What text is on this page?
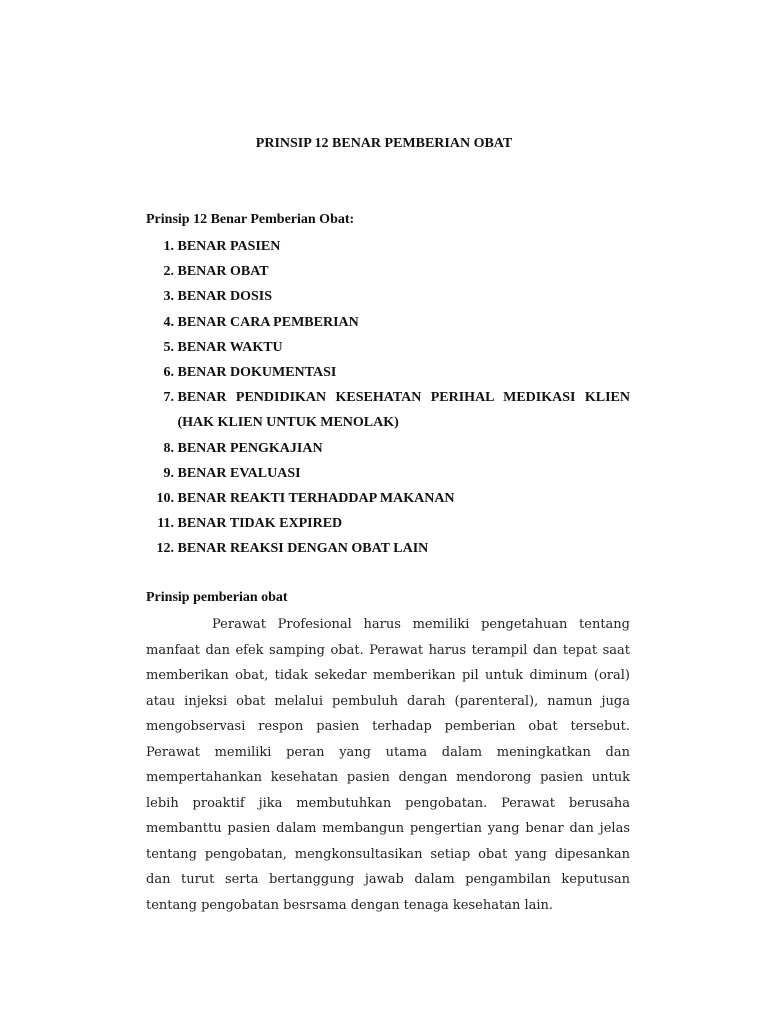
PRINSIP 12 BENAR PEMBERIAN OBAT

Prinsip 12 Benar Pemberian Obat:

1.
BENAR PASIEN
2.
BENAR OBAT
3.
BENAR DOSIS
4.
BENAR CARA PEMBERIAN
5.
BENAR WAKTU
6.
BENAR DOKUMENTASI
7.
BENAR PENDIDIKAN KESEHATAN PERIHAL MEDIKASI KLIEN (HAK KLIEN UNTUK MENOLAK)
8.
BENAR PENGKAJIAN
9.
BENAR EVALUASI
10.
BENAR REAKTI TERHADDAP MAKANAN
11.
BENAR TIDAK EXPIRED
12.
BENAR REAKSI DENGAN OBAT LAIN

Prinsip pemberian obat

Perawat Profesional harus memiliki pengetahuan tentang manfaat dan efek samping obat. Perawat harus terampil dan tepat saat memberikan obat, tidak sekedar memberikan pil untuk diminum (oral) atau injeksi obat melalui pembuluh darah (parenteral), namun juga mengobservasi respon pasien terhadap pemberian obat tersebut. Perawat memiliki peran yang utama dalam meningkatkan dan mempertahankan kesehatan pasien dengan mendorong pasien untuk lebih proaktif jika membutuhkan pengobatan. Perawat berusaha membanttu pasien dalam membangun pengertian yang benar dan jelas tentang pengobatan, mengkonsultasikan setiap obat yang dipesankan dan turut serta bertanggung jawab dalam pengambilan keputusan tentang pengobatan besrsama dengan tenaga kesehatan lain.
